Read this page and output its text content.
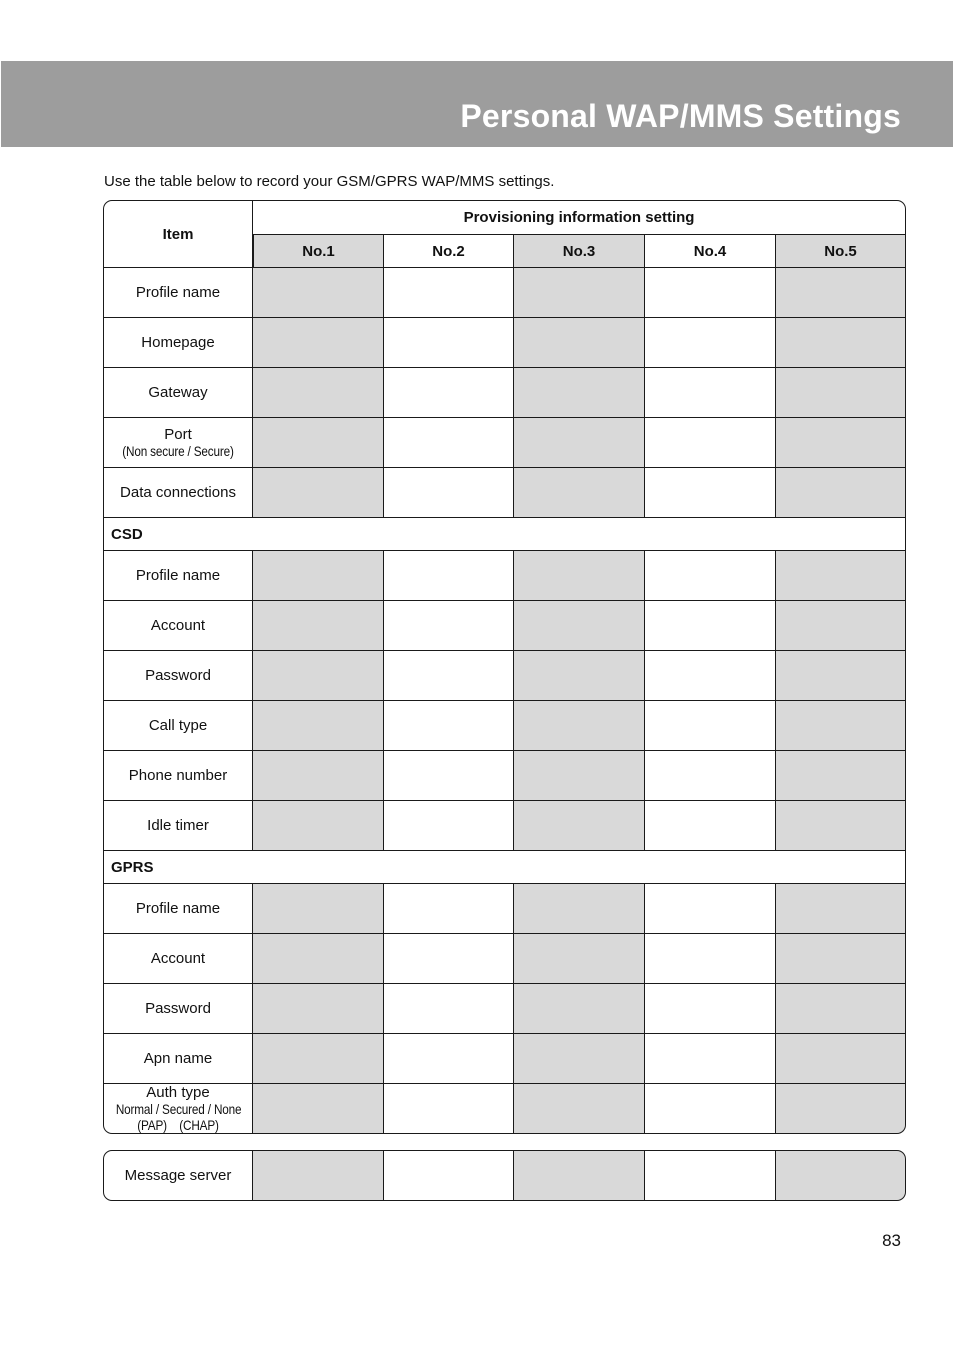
Personal WAP/MMS Settings
Use the table below to record your GSM/GPRS WAP/MMS settings.
Item	Provisioning information setting				
	No.1	No.2	No.3	No.4	No.5

Profile name					

Homepage					

Gateway					

Port
(Non secure / Secure)					

Data connections					

CSD					

Profile name					

Account					

Password					

Call type					

Phone number					

Idle timer					

GPRS					

Profile name					

Account					

Password					

Apn name					

Auth type
Normal / Secured / None
(PAP)    (CHAP)					

Message server

83
